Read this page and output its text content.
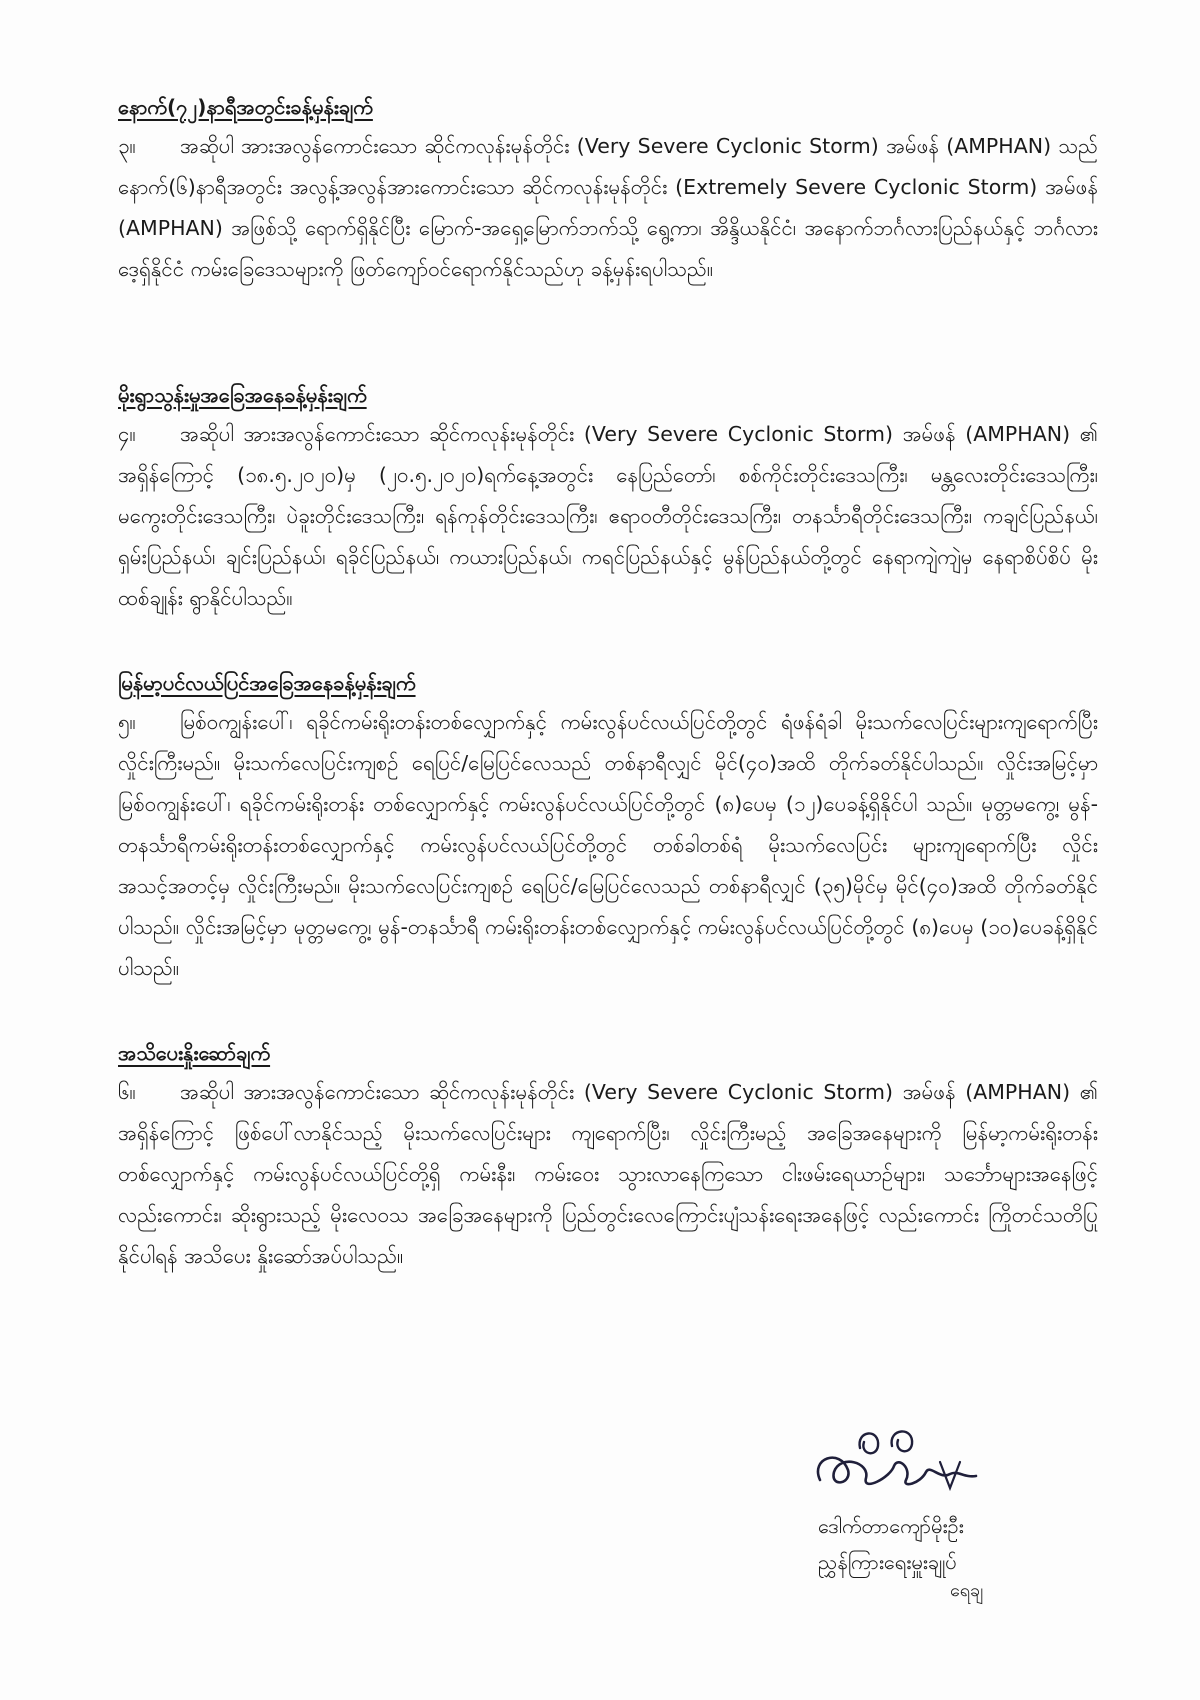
နောက်(၇၂)နာရီအတွင်းခန့်မှန်းချက်

၃။ အဆိုပါ အားအလွန်ကောင်းသော ဆိုင်ကလုန်းမုန်တိုင်း (Very Severe Cyclonic Storm) အမ်ဖန် (AMPHAN) သည် နောက်(၆)နာရီအတွင်း အလွန့်အလွန်အားကောင်းသော ဆိုင်ကလုန်းမုန်တိုင်း (Extremely Severe Cyclonic Storm) အမ်ဖန် (AMPHAN) အဖြစ်သို့ ရောက်ရှိနိုင်ပြီး မြောက်-အရှေ့မြောက်ဘက်သို့ ရွေ့ကာ၊ အိန္ဒိယနိုင်ငံ၊ အနောက်ဘင်္ဂလားပြည်နယ်နှင့် ဘင်္ဂလားဒေ့ရှ်နိုင်ငံ ကမ်းခြေဒေသများကို ဖြတ်ကျော်ဝင်ရောက်နိုင်သည်ဟု ခန့်မှန်းရပါသည်။

မိုးရွာသွန်းမှုအခြေအနေခန့်မှန်းချက်

၄။ အဆိုပါ အားအလွန်ကောင်းသော ဆိုင်ကလုန်းမုန်တိုင်း (Very Severe Cyclonic Storm) အမ်ဖန် (AMPHAN) ၏ အရှိန်ကြောင့် (၁၈.၅.၂၀၂၀)မှ (၂၀.၅.၂၀၂၀)ရက်နေ့အတွင်း နေပြည်တော်၊ စစ်ကိုင်းတိုင်းဒေသကြီး၊ မန္တလေးတိုင်းဒေသကြီး၊ မကွေးတိုင်းဒေသကြီး၊ ပဲခူးတိုင်းဒေသကြီး၊ ရန်ကုန်တိုင်းဒေသကြီး၊ ဧရာဝတီတိုင်းဒေသကြီး၊ တနင်္သာရီတိုင်းဒေသကြီး၊ ကချင်ပြည်နယ်၊ ရှမ်းပြည်နယ်၊ ချင်းပြည်နယ်၊ ရခိုင်ပြည်နယ်၊ ကယားပြည်နယ်၊ ကရင်ပြည်နယ်နှင့် မွန်ပြည်နယ်တို့တွင် နေရာကျဲကျဲမှ နေရာစိပ်စိပ် မိုးထစ်ချုန်း ရွာနိုင်ပါသည်။

မြန်မာ့ပင်လယ်ပြင်အခြေအနေခန့်မှန်းချက်

၅။ မြစ်ဝကျွန်းပေါ်၊ ရခိုင်ကမ်းရိုးတန်းတစ်လျှောက်နှင့် ကမ်းလွန်ပင်လယ်ပြင်တို့တွင် ရံဖန်ရံခါ မိုးသက်လေပြင်းများကျရောက်ပြီး လှိုင်းကြီးမည်။ မိုးသက်လေပြင်းကျစဉ် ရေပြင်/မြေပြင်လေသည် တစ်နာရီလျှင် မိုင်(၄၀)အထိ တိုက်ခတ်နိုင်ပါသည်။ လှိုင်းအမြင့်မှာ မြစ်ဝကျွန်းပေါ်၊ ရခိုင်ကမ်းရိုးတန်း တစ်လျှောက်နှင့် ကမ်းလွန်ပင်လယ်ပြင်တို့တွင် (၈)ပေမှ (၁၂)ပေခန့်ရှိနိုင်ပါ သည်။ မုတ္တမကွေ့၊ မွန်-တနင်္သာရီကမ်းရိုးတန်းတစ်လျှောက်နှင့် ကမ်းလွန်ပင်လယ်ပြင်တို့တွင် တစ်ခါတစ်ရံ မိုးသက်လေပြင်း များကျရောက်ပြီး လှိုင်းအသင့်အတင့်မှ လှိုင်းကြီးမည်။ မိုးသက်လေပြင်းကျစဉ် ရေပြင်/မြေပြင်လေသည် တစ်နာရီလျှင် (၃၅)မိုင်မှ မိုင်(၄၀)အထိ တိုက်ခတ်နိုင်ပါသည်။ လှိုင်းအမြင့်မှာ မုတ္တမကွေ့၊ မွန်-တနင်္သာရီ ကမ်းရိုးတန်းတစ်လျှောက်နှင့် ကမ်းလွန်ပင်လယ်ပြင်တို့တွင် (၈)ပေမှ (၁၀)ပေခန့်ရှိနိုင်ပါသည်။

အသိပေးနှိုးဆော်ချက်

၆။ အဆိုပါ အားအလွန်ကောင်းသော ဆိုင်ကလုန်းမုန်တိုင်း (Very Severe Cyclonic Storm) အမ်ဖန် (AMPHAN) ၏ အရှိန်ကြောင့် ဖြစ်ပေါ်လာနိုင်သည့် မိုးသက်လေပြင်းများ ကျရောက်ပြီး၊ လှိုင်းကြီးမည့် အခြေအနေများကို မြန်မာ့ကမ်းရိုးတန်းတစ်လျှောက်နှင့် ကမ်းလွန်ပင်လယ်ပြင်တို့ရှိ ကမ်းနီး၊ ကမ်းဝေး သွားလာနေကြသော ငါးဖမ်းရေယာဉ်များ၊ သင်္ဘောများအနေဖြင့် လည်းကောင်း၊ ဆိုးရွားသည့် မိုးလေဝသ အခြေအနေများကို ပြည်တွင်းလေကြောင်းပျံသန်းရေးအနေဖြင့် လည်းကောင်း ကြိုတင်သတိပြုနိုင်ပါရန် အသိပေး နှိုးဆော်အပ်ပါသည်။

ဒေါက်တာကျော်မိုးဦး

ညွှန်ကြားရေးမှူးချုပ်

ရေချ
